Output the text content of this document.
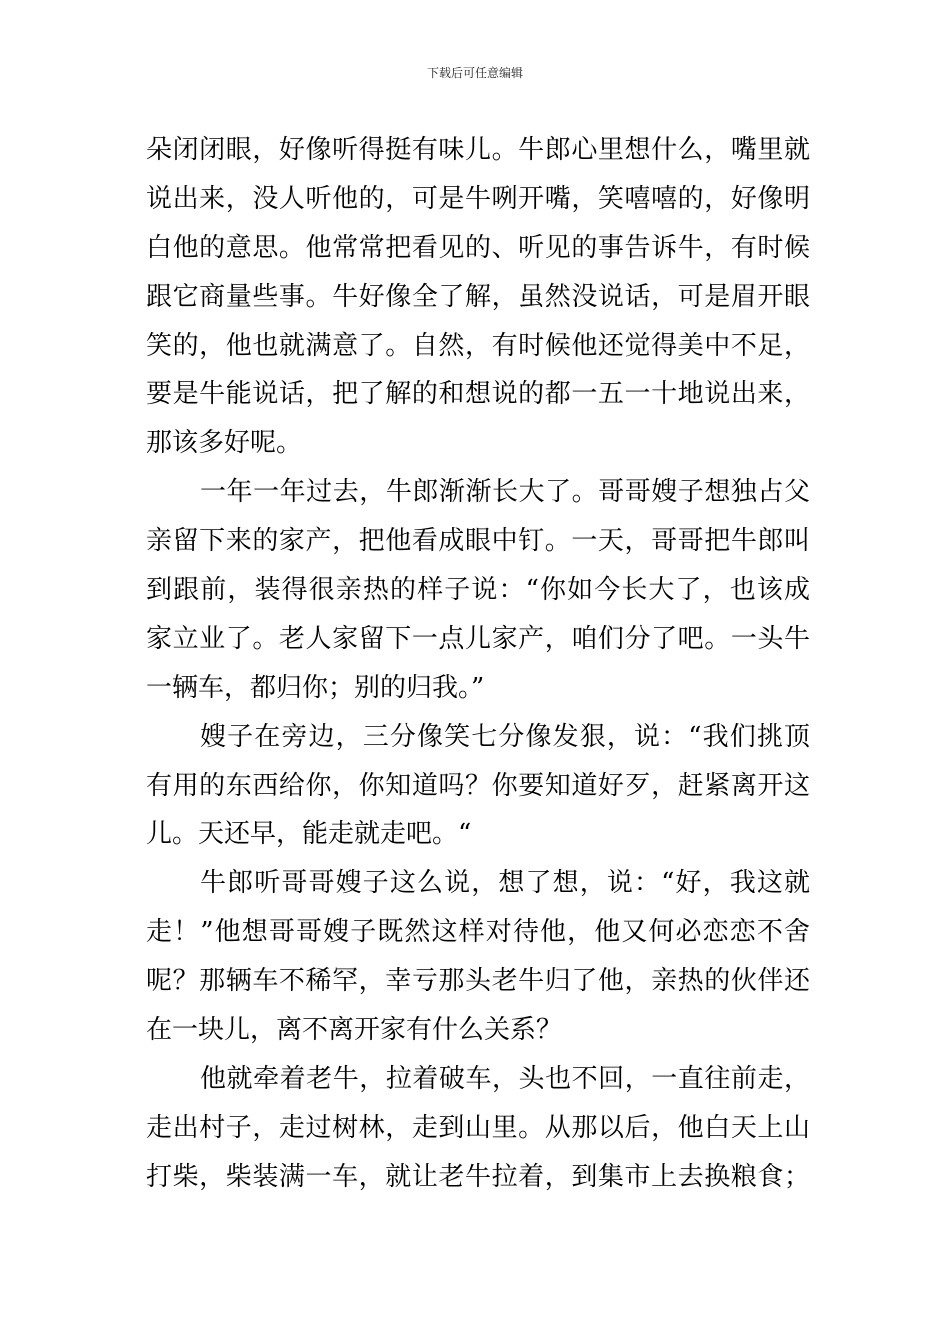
下载后可任意编辑
朵闭闭眼，好像听得挺有味儿。牛郎心里想什么，嘴里就
说出来，没人听他的，可是牛咧开嘴，笑嘻嘻的，好像明
白他的意思。他常常把看见的、听见的事告诉牛，有时候
跟它商量些事。牛好像全了解，虽然没说话，可是眉开眼
笑的，他也就满意了。自然，有时候他还觉得美中不足，
要是牛能说话，把了解的和想说的都一五一十地说出来，
那该多好呢。
一年一年过去，牛郎渐渐长大了。哥哥嫂子想独占父
亲留下来的家产，把他看成眼中钉。一天，哥哥把牛郎叫
到跟前，装得很亲热的样子说：“你如今长大了，也该成
家立业了。老人家留下一点儿家产，咱们分了吧。一头牛
一辆车，都归你；别的归我。”
嫂子在旁边，三分像笑七分像发狠，说：“我们挑顶
有用的东西给你，你知道吗？你要知道好歹，赶紧离开这
儿。天还早，能走就走吧。“
牛郎听哥哥嫂子这么说，想了想，说：“好，我这就
走！”他想哥哥嫂子既然这样对待他，他又何必恋恋不舍
呢？那辆车不稀罕，幸亏那头老牛归了他，亲热的伙伴还
在一块儿，离不离开家有什么关系？
他就牵着老牛，拉着破车，头也不回，一直往前走，
走出村子，走过树林，走到山里。从那以后，他白天上山
打柴，柴装满一车，就让老牛拉着，到集市上去换粮食；
